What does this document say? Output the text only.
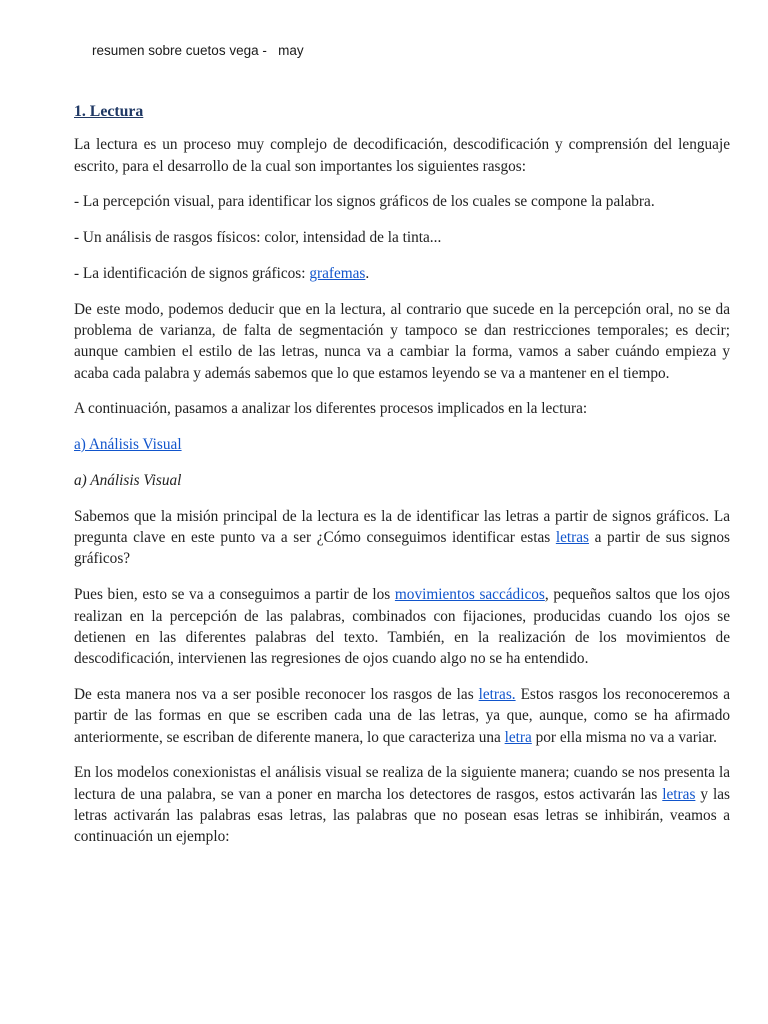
resumen sobre cuetos vega -   may

1. Lectura

La lectura es un proceso muy complejo de decodificación, descodificación y comprensión del lenguaje escrito, para el desarrollo de la cual son importantes los siguientes rasgos:

- La percepción visual, para identificar los signos gráficos de los cuales se compone la palabra.

- Un análisis de rasgos físicos: color, intensidad de la tinta...

- La identificación de signos gráficos: grafemas.

De este modo, podemos deducir que en la lectura, al contrario que sucede en la percepción oral, no se da problema de varianza, de falta de segmentación y tampoco se dan restricciones temporales; es decir; aunque cambien el estilo de las letras, nunca va a cambiar la forma, vamos a saber cuándo empieza y acaba cada palabra y además sabemos que lo que estamos leyendo se va a mantener en el tiempo.

A continuación, pasamos a analizar los diferentes procesos implicados en la lectura:

a) Análisis Visual

a) Análisis Visual

Sabemos que la misión principal de la lectura es la de identificar las letras a partir de signos gráficos. La pregunta clave en este punto va a ser ¿Cómo conseguimos identificar estas letras a partir de sus signos gráficos?

Pues bien, esto se va a conseguimos a partir de los movimientos saccádicos, pequeños saltos que los ojos realizan en la percepción de las palabras, combinados con fijaciones, producidas cuando los ojos se detienen en las diferentes palabras del texto. También, en la realización de los movimientos de descodificación, intervienen las regresiones de ojos cuando algo no se ha entendido.

De esta manera nos va a ser posible reconocer los rasgos de las letras. Estos rasgos los reconoceremos a partir de las formas en que se escriben cada una de las letras, ya que, aunque, como se ha afirmado anteriormente, se escriban de diferente manera, lo que caracteriza una letra por ella misma no va a variar.

En los modelos conexionistas el análisis visual se realiza de la siguiente manera; cuando se nos presenta la lectura de una palabra, se van a poner en marcha los detectores de rasgos, estos activarán las letras y las letras activarán las palabras esas letras, las palabras que no posean esas letras se inhibirán, veamos a continuación un ejemplo:
